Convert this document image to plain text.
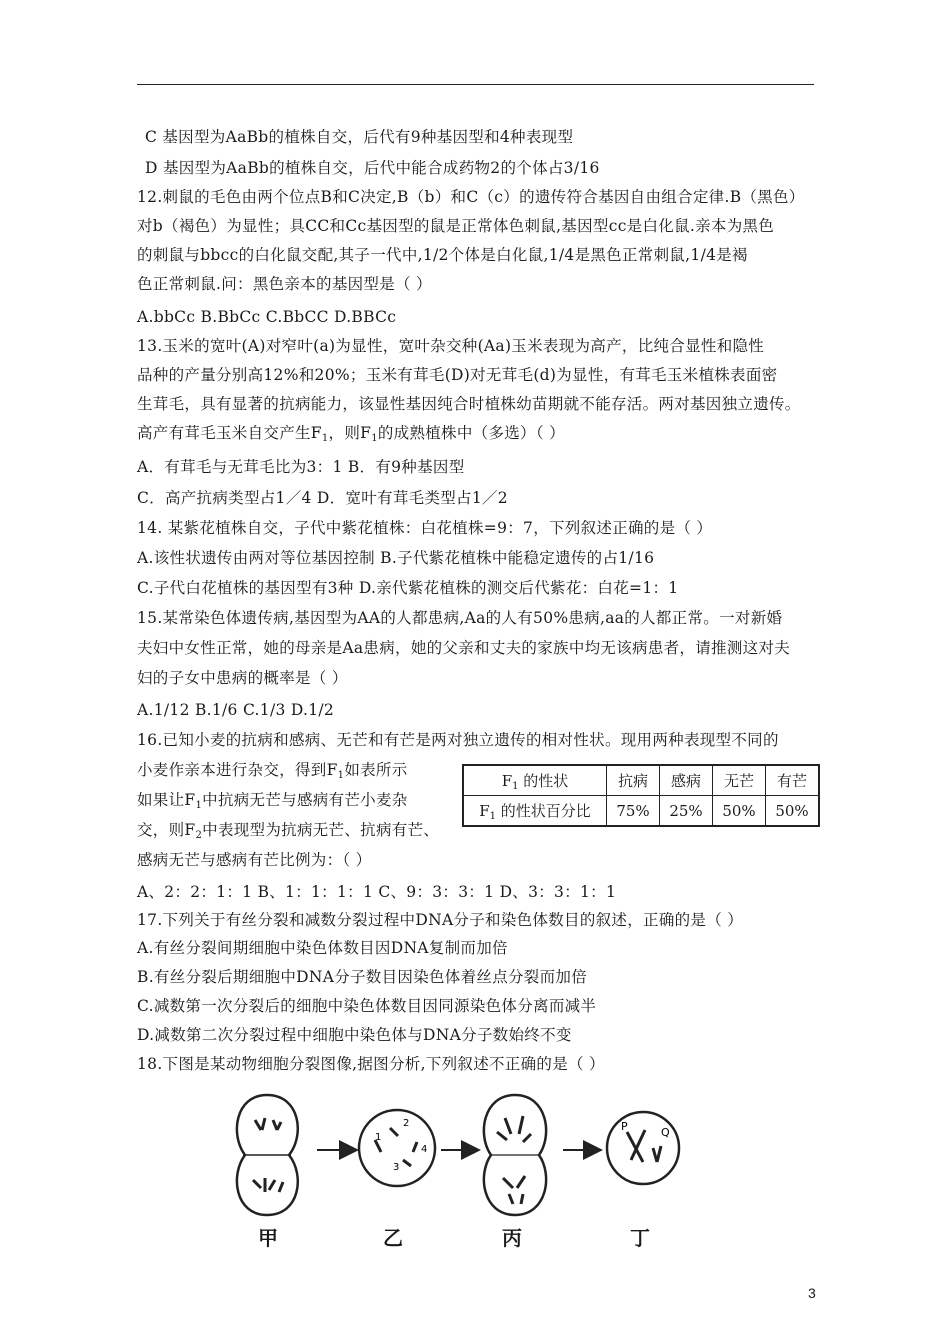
C 基因型为AaBb的植株自交，后代有9种基因型和4种表现型
D 基因型为AaBb的植株自交，后代中能合成药物2的个体占3/16
12.刺鼠的毛色由两个位点B和C决定,B（b）和C（c）的遗传符合基因自由组合定律.B（黑色）
对b（褐色）为显性；具CC和Cc基因型的鼠是正常体色刺鼠,基因型cc是白化鼠.亲本为黑色
的刺鼠与bbcc的白化鼠交配,其子一代中,1/2个体是白化鼠,1/4是黑色正常刺鼠,1/4是褐
色正常刺鼠.问：黑色亲本的基因型是（ ）
A.bbCc B.BbCc C.BbCC D.BBCc
13.玉米的宽叶(A)对窄叶(a)为显性，宽叶杂交种(Aa)玉米表现为高产，比纯合显性和隐性
品种的产量分别高12%和20%；玉米有茸毛(D)对无茸毛(d)为显性，有茸毛玉米植株表面密
生茸毛，具有显著的抗病能力，该显性基因纯合时植株幼苗期就不能存活。两对基因独立遗传。
高产有茸毛玉米自交产生$F_1$，则$F_1$的成熟植株中（多选）（ ）
A．有茸毛与无茸毛比为3：1 B．有9种基因型
C．高产抗病类型占1／4 D．宽叶有茸毛类型占1／2
14. 某紫花植株自交，子代中紫花植株：白花植株=9：7，下列叙述正确的是（ ）
A.该性状遗传由两对等位基因控制 B.子代紫花植株中能稳定遗传的占1/16
C.子代白花植株的基因型有3种 D.亲代紫花植株的测交后代紫花：白花=1：1
15.某常染色体遗传病,基因型为AA的人都患病,Aa的人有50%患病,aa的人都正常。一对新婚
夫妇中女性正常，她的母亲是Aa患病，她的父亲和丈夫的家族中均无该病患者，请推测这对夫
妇的子女中患病的概率是（ ）
A.1/12 B.1/6 C.1/3 D.1/2
16.已知小麦的抗病和感病、无芒和有芒是两对独立遗传的相对性状。现用两种表现型不同的
小麦作亲本进行杂交，得到$F_1$如表所示
如果让$F_1$中抗病无芒与感病有芒小麦杂
交，则$F_2$中表现型为抗病无芒、抗病有芒、
感病无芒与感病有芒比例为：（ ）
A、2：2：1：1 B、1：1：1：1 C、9：3：3：1 D、3：3：1：1
17.下列关于有丝分裂和减数分裂过程中DNA分子和染色体数目的叙述，正确的是（ ）
A.有丝分裂间期细胞中染色体数目因DNA复制而加倍
B.有丝分裂后期细胞中DNA分子数目因染色体着丝点分裂而加倍
C.减数第一次分裂后的细胞中染色体数目因同源染色体分离而减半
D.减数第二次分裂过程中细胞中染色体与DNA分子数始终不变
18.下图是某动物细胞分裂图像,据图分析,下列叙述不正确的是（ ）
$F_1$ 的性状	抗病	感病	无芒	有芒
$F_1$ 的性状百分比	75%	25%	50%	50%
1
2
3
4
P	Q
甲	乙	丙	丁
3
